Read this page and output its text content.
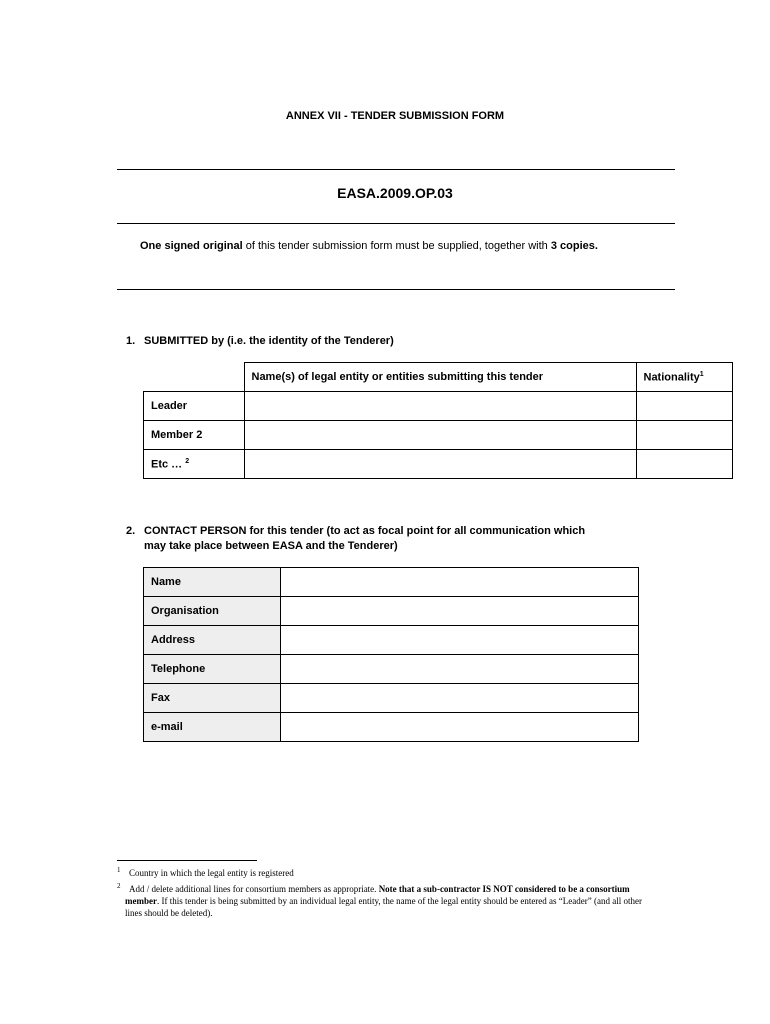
ANNEX VII - TENDER SUBMISSION FORM
EASA.2009.OP.03
One signed original of this tender submission form must be supplied, together with 3 copies.
1. SUBMITTED by (i.e. the identity of the Tenderer)
	Name(s) of legal entity or entities submitting this tender	Nationality$^1$
Leader		
Member 2		
Etc … $^2$		
2. CONTACT PERSON for this tender (to act as focal point for all communication which
may take place between EASA and the Tenderer)
Name	
Organisation	
Address	
Telephone	
Fax	
e-mail	
1 Country in which the legal entity is registered
2 Add / delete additional lines for consortium members as appropriate. Note that a sub-contractor IS NOT considered to be a consortium member. If this tender is being submitted by an individual legal entity, the name of the legal entity should be entered as “Leader” (and all other lines should be deleted).
